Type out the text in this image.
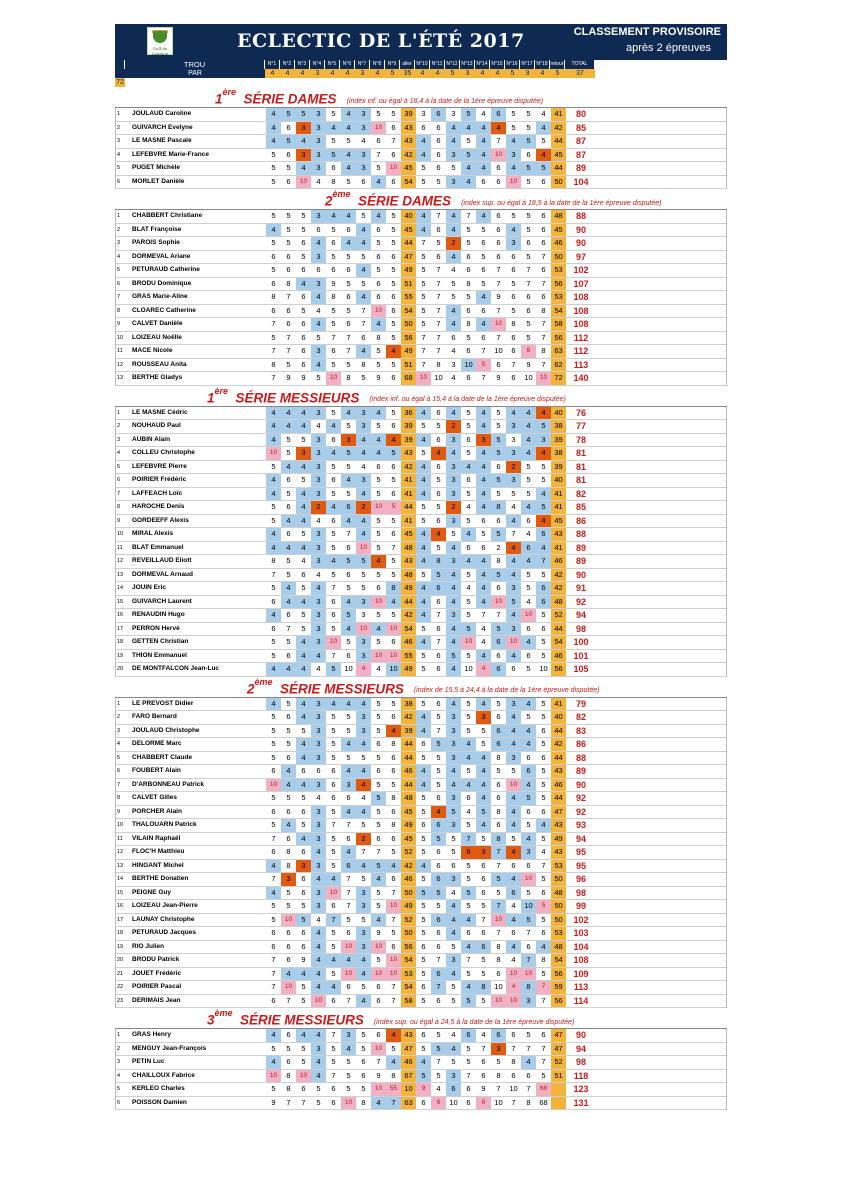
Golf de Lannion
ECLECTIC DE L'ÉTÉ 2017	CLASSEMENT PROVISOIRE
après 2 épreuves
TROU	N°1	N°2	N°3	N°4	N°5	N°6	N°7	N°8	N°9	aller N°10 N°11 N°12 N°13 N°14 N°15 N°16 N°17 N°18 retour	TOTAL
PAR	4	4	4	3	4	4	3	4	5	35	4	4	5	3	4	4	5	3	4	5	37
72
1ère SÉRIE DAMES (index inf. ou égal à 18,4 à la date de la 1ère épreuve disputée)
1	JOULAUD Caroline	4	5	5	3	5	4	3	5	5	39	3	6	3	5	4	6	5	5	4	41	80
2	GUIVARCH Evelyne	4	6	3	3	4	4	3	10	6	43	6	6	4	4	4	4	5	5	4	42	85
3	LE MASNE Pascale	4	5	4	3	5	5	4	6	7	43	4	6	4	5	4	7	4	5	5	44	87
4	LEFEBVRE Marie-France	5	6	3	3	5	4	3	7	6	42	4	6	3	5	4	10	3	6	4	45	87
5	PUGET Michèle	5	5	4	3	6	4	3	5	10 45	5	6	5	4	4	6	4	5	5	44	89
6	MORLET Danièle	5	6	10	4	8	5	6	4	6	54	5	5	3	4	6	6	10	5	6	50	104
2ème SÉRIE DAMES (index sup. ou égal à 18,5 à la date de la 1ère épreuve disputée)
1	CHABBERT Christiane	5	5	5	3	4	4	5	4	5	40	4	7	4	7	4	6	5	5	6	48	88
2	BLAT Françoise	4	5	5	6	5	6	4	6	5	45	4	6	4	5	5	6	4	5	6	45	90
3	PAROIS Sophie	5	5	6	4	6	4	4	5	5	44	7	5	2	5	6	6	3	6	6	46	90
4	DORMEVAL Ariane	6	6	5	3	5	5	5	6	6	47	5	6	4	6	5	6	6	5	7	50	97
5	PETURAUD Catherine	5	6	6	6	6	6	4	5	5	49	5	7	4	6	6	7	6	7	6	53	102
6	BRODU Dominique	6	8	4	3	9	5	5	6	5	51	5	7	5	8	5	7	5	7	7	56	107
7	GRAS Marie-Aline	8	7	6	4	8	6	4	6	6	55	5	7	5	5	4	9	6	6	6	53	108
8	CLOAREC Catherine	6	6	5	4	5	5	7	10	6	54	5	7	4	6	6	7	5	6	8	54	108
9	CALVET Danièle	7	6	6	4	5	6	7	4	5	50	5	7	4	8	4	10	8	5	7	58	108
10	LOIZEAU Noëlle	5	7	6	5	7	7	6	8	5	56	7	7	6	5	6	7	6	5	7	56	112
11	MACE Nicole	7	7	6	3	6	7	4	5	4	49	7	7	4	6	7	10	6	8	8	63	112
12	ROUSSEAU Anita	8	5	6	4	5	5	8	5	5	51	7	8	3	10	5	6	7	9	7	62	113
13	BERTHE Gladys	7	9	9	5	10	8	5	9	6	68	10 10	4	6	7	9	6	10	10 72	140
1ère SÉRIE MESSIEURS (index inf. ou égal à 15,4 à la date de la 1ère épreuve disputée)
1	LE MASNE Cédric	4	4	4	3	5	4	3	4	5	36	4	6	4	5	4	5	4	4	4	40	76
2	NOUHAUD Paul	4	4	4	4	4	5	3	5	6	39	5	5	2	5	4	5	3	4	5	38	77
3	AUBIN Alain	4	5	5	3	6	3	4	4	4	39	4	6	3	6	3	5	3	4	3	39	78
4	COLLEU Christophe	10	5	3	3	4	5	4	4	5	43	5	4	4	5	4	5	3	4	4	38	81
5	LEFEBVRE Pierre	5	4	4	3	5	5	4	6	6	42	4	6	3	4	4	6	2	5	5	39	81
6	POIRIER Frédéric	4	6	5	3	6	4	3	5	5	41	4	5	3	6	4	5	3	5	5	40	81
7	LAFFEACH Loïc	4	5	4	3	5	5	4	5	6	41	4	6	3	5	4	5	5	5	4	41	82
8	HAROCHE Denis	5	6	4	2	4	6	2	10	5	44	5	5	2	4	4	8	4	4	5	41	85
9	GORDEEFF Alexis	5	4	4	4	6	4	4	5	5	41	5	6	3	5	6	6	4	6	4	45	86
10	MIRAL Alexis	4	6	5	3	5	7	4	5	6	45	4	4	5	4	5	5	7	4	6	43	88
11	BLAT Emmanuel	4	4	4	3	5	6	10	5	7	48	4	5	4	6	6	2	4	6	4	41	89
12	REVEILLAUD Eliott	8	5	4	3	4	5	5	4	5	43	4	8	3	4	4	8	4	4	7	46	89
13	DORMEVAL Arnaud	7	5	6	4	5	6	5	5	5	48	5	5	4	5	4	5	4	5	5	42	90
14	JOUIN Eric	5	4	5	4	7	5	5	6	8	49	4	6	4	4	4	6	3	5	6	42	91
15	GUIVARCH Laurent	6	4	4	3	6	4	3	10	4	44	4	6	4	5	4	10	5	4	6	48	92
16	RENAUDIN Hugo	4	6	5	3	6	5	3	5	5	42	4	7	3	5	7	7	4	10	5	52	94
17	PERRON Hervé	6	7	5	3	5	4	10	4	10 54	5	6	4	5	4	5	3	6	6	44	98
18	GETTEN Christian	5	5	4	3	10	5	3	5	6	46	4	7	4	10	4	6	10	4	5	54	100
19	THION Emmanuel	5	6	4	4	7	6	3	10	10 55	5	6	5	5	4	6	4	6	5	46	101
20	DE MONTFALCON Jean-Luc	4	4	4	4	5	10	4	4	10 49	5	6	4	10	4	6	6	5	10 56	105
2ème SÉRIE MESSIEURS (index de 15,5 à 24,4 à la date de la 1ère épreuve disputée)
1	LE PREVOST Didier	4	5	4	3	4	4	4	5	5	38	5	6	4	5	4	5	3	4	5	41	79
2	FARO Bernard	5	6	4	3	5	5	3	5	6	42	4	5	3	5	3	6	4	5	5	40	82
3	JOULAUD Christophe	5	5	5	3	5	5	3	5	4	39	4	7	3	5	5	6	4	4	6	44	83
4	DELORME Marc	5	5	4	3	5	4	4	6	8	44	6	5	3	4	5	6	4	4	5	42	86
5	CHABBERT Claude	5	6	4	3	5	5	5	5	6	44	5	5	3	4	4	8	3	6	6	44	88
6	FOUBERT Alain	6	4	6	6	6	4	4	6	6	46	4	5	4	5	4	5	5	6	5	43	89
7	D'ARBONNEAU Patrick	10	4	4	3	6	3	4	5	5	44	4	5	4	4	4	6	10	4	5	46	90
8	CALVET Gilles	5	5	5	4	6	6	4	5	8	48	5	6	3	6	4	6	4	5	5	44	92
9	PORCHER Alain	6	6	6	3	5	4	4	5	6	45	5	4	5	4	5	8	4	6	6	47	92
10	THALOUARN Patrick	5	4	5	3	7	7	5	5	8	49	6	6	3	5	4	6	4	5	4	43	93
11	VILAIN Raphaël	7	6	4	3	5	6	2	6	6	45	5	5	5	7	5	8	5	4	5	49	94
12	FLOC'H Matthieu	6	8	6	4	5	4	7	7	5	52	5	6	5	6	3	7	4	3	4	43	95
13	HINGANT Michel	4	8	3	3	5	6	4	5	4	42	4	6	6	5	6	7	6	6	7	53	95
14	BERTHE Donatien	7	3	6	4	4	7	5	4	6	46	5	6	3	5	6	5	4	10	5	50	96
15	PEIGNE Guy	4	5	6	3	10	7	3	5	7	50	5	5	4	5	6	5	6	5	6	48	98
16	LOIZEAU Jean-Pierre	5	5	5	3	6	7	3	5	10 49	5	5	4	5	5	7	4	10	5	50	99
17	LAUNAY Christophe	5	10	5	4	7	5	5	4	7	52	5	6	4	4	7	10	4	5	5	50	102
18	PETURAUD Jacques	6	6	6	4	5	6	3	9	5	50	5	6	4	6	6	7	6	7	6	53	103
19	RIO Julien	6	6	6	4	5	10	3	10	6	56	6	6	5	4	6	8	4	6	4	48	104
20	BRODU Patrick	7	6	9	4	4	4	4	5	10 54	5	7	3	7	5	8	4	7	8	54	108
21	JOUET Frédéric	7	4	4	4	5	10	4	10	10 53	5	6	4	5	5	6	10	10	5	56	109
22	POIRIER Pascal	7	10	5	4	4	6	5	6	7	54	6	7	5	4	8	10	4	8	7	59	113
23	DERIMAIS Jean	6	7	5	10	6	7	4	6	7	58	5	6	5	5	5	10	10	3	7	56	114
3ème SÉRIE MESSIEURS (index sup. ou égal à 24,5 à la date de la 1ère épreuve disputée)
1	GRAS Henry	4	6	4	4	7	3	5	6	4	43	6	5	4	6	4	6	6	5	6	47	90
2	MENGUY Jean-François	5	5	5	3	5	4	5	10	5	47	5	5	4	5	7	3	7	7	7	47	94
3	PETIN Luc	4	6	5	4	5	5	6	7	4	46	4	7	5	5	6	5	8	4	7	52	98
4	CHAILLOUX Fabrice	10	8	10	4	7	5	6	9	8	67	5	5	3	7	6	8	6	6	5	51	118
5	KERLEO Charles	5	8	6	5	6	5	5	10	55 10	9	4	6	6	9	7	10	7	68	123
6	POISSON Damien	9	7	7	5	6	10	8	4	7	63	6	6	10	6	6	10	7	8	68	131
